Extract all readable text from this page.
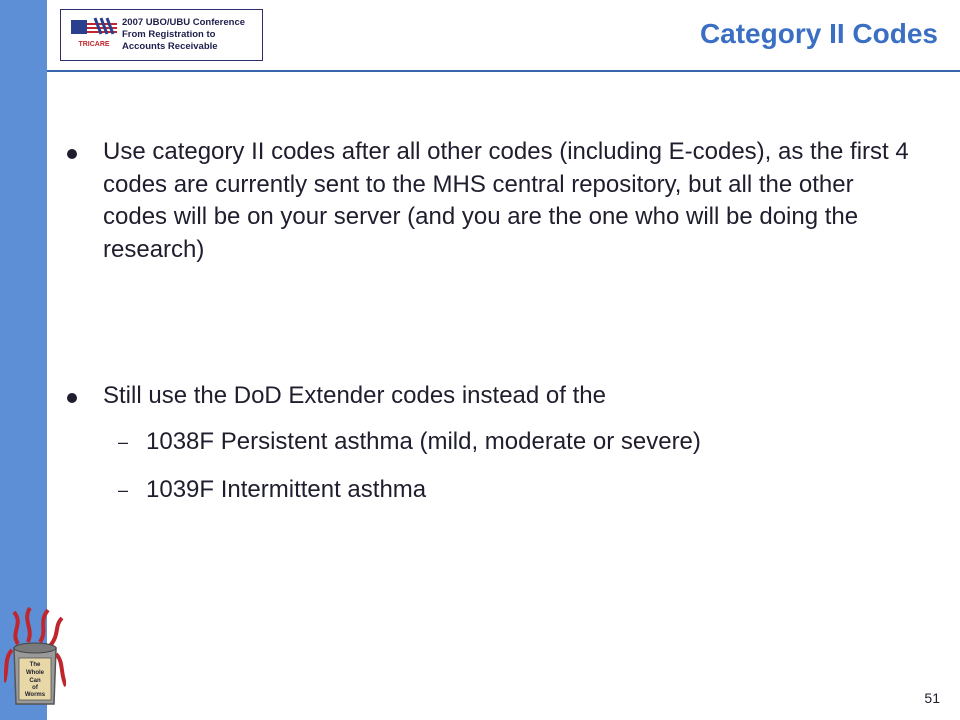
TRICARE
2007 UBO/UBU Conference
From Registration to
Accounts Receivable	Category II Codes
Use category II codes after all other codes (including E-codes), as the first 4 codes are currently sent to the MHS central repository, but all the other codes will be on your server (and you are the one who will be doing the research)
Still use the DoD Extender codes instead of the
– 1038F Persistent asthma (mild, moderate or severe)
– 1039F Intermittent asthma
The
Whole
Can
of
Worms	51
